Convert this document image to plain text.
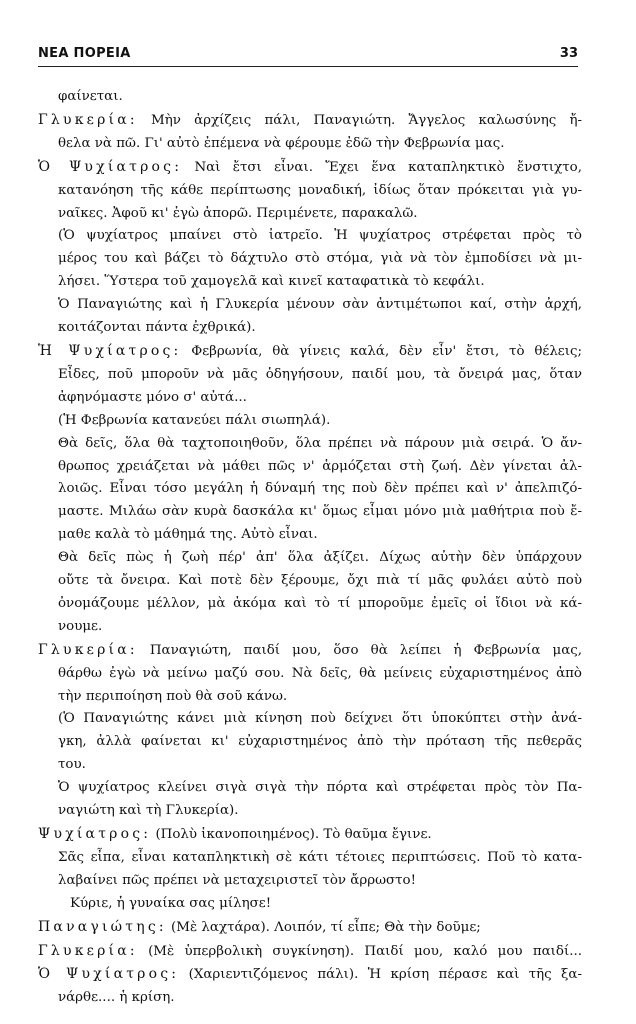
ΝΕΑ ΠΟΡΕΙΑ	33
φαίνεται.
Γλυκερία: Μὴν ἀρχίζεις πάλι, Παναγιώτη. Ἄγγελος καλωσύνης ἤ-
θελα νὰ πῶ. Γι' αὐτὸ ἐπέμενα νὰ φέρουμε ἐδῶ τὴν Φεβρωνία μας.
Ὁ Ψυχίατρος: Ναὶ ἔτσι εἶναι. Ἔχει ἕνα καταπληκτικὸ ἔνστιχτο,
κατανόηση τῆς κάθε περίπτωσης μοναδική, ἰδίως ὅταν πρόκειται γιὰ γυ-
ναῖκες. Ἀφοῦ κι' ἐγὼ ἀπορῶ. Περιμένετε, παρακαλῶ.
(Ὁ ψυχίατρος μπαίνει στὸ ἰατρεῖο. Ἡ ψυχίατρος στρέφεται πρὸς τὸ
μέρος του καὶ βάζει τὸ δάχτυλο στὸ στόμα, γιὰ νὰ τὸν ἐμποδίσει νὰ μι-
λήσει. Ὕστερα τοῦ χαμογελᾶ καὶ κινεῖ καταφατικὰ τὸ κεφάλι.
Ὁ Παναγιώτης καὶ ἡ Γλυκερία μένουν σὰν ἀντιμέτωποι καί, στὴν ἀρχή,
κοιτάζονται πάντα ἐχθρικά).
Ἡ Ψυχίατρος: Φεβρωνία, θὰ γίνεις καλά, δὲν εἶν' ἔτσι, τὸ θέλεις;
Εἶδες, ποῦ μποροῦν νὰ μᾶς ὁδηγήσουν, παιδί μου, τὰ ὄνειρά μας, ὅταν
ἀφηνόμαστε μόνο σ' αὐτά...
(Ἡ Φεβρωνία κατανεύει πάλι σιωπηλά).
Θὰ δεῖς, ὅλα θὰ ταχτοποιηθοῦν, ὅλα πρέπει νὰ πάρουν μιὰ σειρά. Ὁ ἄν-
θρωπος χρειάζεται νὰ μάθει πῶς ν' ἁρμόζεται στὴ ζωή. Δὲν γίνεται ἀλ-
λοιῶς. Εἶναι τόσο μεγάλη ἡ δύναμή της ποὺ δὲν πρέπει καὶ ν' ἀπελπιζό-
μαστε. Μιλάω σὰν κυρὰ δασκάλα κι' ὅμως εἶμαι μόνο μιὰ μαθήτρια ποὺ ἔ-
μαθε καλὰ τὸ μάθημά της. Αὐτὸ εἶναι.
Θὰ δεῖς πὼς ἡ ζωὴ πέρ' ἀπ' ὅλα ἀξίζει. Δίχως αὐτὴν δὲν ὑπάρχουν
οὔτε τὰ ὄνειρα. Καὶ ποτὲ δὲν ξέρουμε, ὄχι πιὰ τί μᾶς φυλάει αὐτὸ ποὺ
ὀνομάζουμε μέλλον, μὰ ἀκόμα καὶ τὸ τί μποροῦμε ἐμεῖς οἱ ἴδιοι νὰ κά-
νουμε.
Γλυκερία: Παναγιώτη, παιδί μου, ὅσο θὰ λείπει ἡ Φεβρωνία μας,
θάρθω ἐγὼ νὰ μείνω μαζύ σου. Νὰ δεῖς, θὰ μείνεις εὐχαριστημένος ἀπὸ
τὴν περιποίηση ποὺ θὰ σοῦ κάνω.
(Ὁ Παναγιώτης κάνει μιὰ κίνηση ποὺ δείχνει ὅτι ὑποκύπτει στὴν ἀνά-
γκη, ἀλλὰ φαίνεται κι' εὐχαριστημένος ἀπὸ τὴν πρόταση τῆς πεθερᾶς
του.
Ὁ ψυχίατρος κλείνει σιγὰ σιγὰ τὴν πόρτα καὶ στρέφεται πρὸς τὸν Πα-
ναγιώτη καὶ τὴ Γλυκερία).
Ψυχίατρος: (Πολὺ ἱκανοποιημένος). Τὸ θαῦμα ἔγινε.
Σᾶς εἶπα, εἶναι καταπληκτικὴ σὲ κάτι τέτοιες περιπτώσεις. Ποῦ τὸ κατα-
λαβαίνει πῶς πρέπει νὰ μεταχειριστεῖ τὸν ἄρρωστο!
Κύριε, ἡ γυναίκα σας μίλησε!
Παναγιώτης: (Μὲ λαχτάρα). Λοιπόν, τί εἶπε; Θὰ τὴν δοῦμε;
Γλυκερία: (Μὲ ὑπερβολικὴ συγκίνηση). Παιδί μου, καλό μου παιδί...
Ὁ Ψυχίατρος: (Χαριεντιζόμενος πάλι). Ἡ κρίση πέρασε καὶ τῆς ξα-
νάρθε.... ἡ κρίση.
